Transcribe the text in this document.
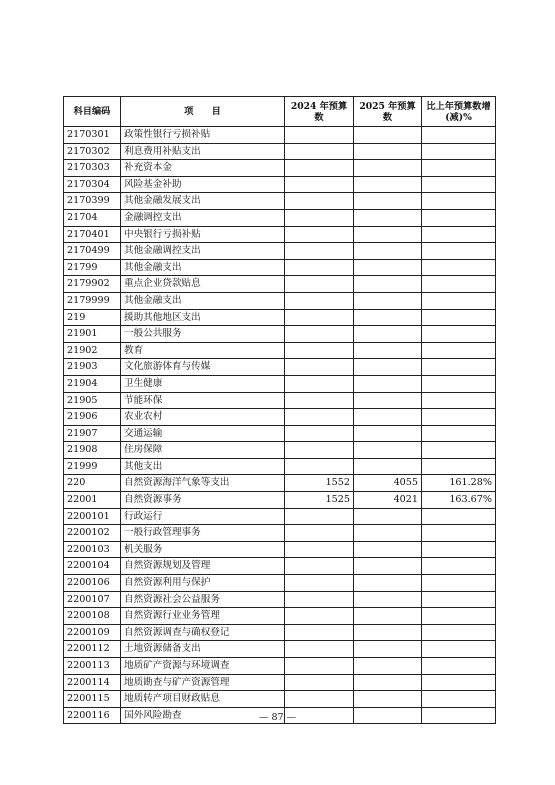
科目编码	项　　目	2024 年预算数	2025 年预算数	比上年预算数增 (减)%
2170301	政策性银行亏损补贴			
2170302	利息费用补贴支出			
2170303	补充资本金			
2170304	风险基金补助			
2170399	其他金融发展支出			
21704	金融调控支出			
2170401	中央银行亏损补贴			
2170499	其他金融调控支出			
21799	其他金融支出			
2179902	重点企业贷款贴息			
2179999	其他金融支出			
219	援助其他地区支出			
21901	一般公共服务			
21902	教育			
21903	文化旅游体育与传媒			
21904	卫生健康			
21905	节能环保			
21906	农业农村			
21907	交通运输			
21908	住房保障			
21999	其他支出			
220	自然资源海洋气象等支出	1552	4055	161.28%
22001	自然资源事务	1525	4021	163.67%
2200101	行政运行			
2200102	一般行政管理事务			
2200103	机关服务			
2200104	自然资源规划及管理			
2200106	自然资源利用与保护			
2200107	自然资源社会公益服务			
2200108	自然资源行业业务管理			
2200109	自然资源调查与确权登记			
2200112	土地资源储备支出			
2200113	地质矿产资源与环境调查			
2200114	地质勘查与矿产资源管理			
2200115	地质转产项目财政贴息			
2200116	国外风险勘查				— 87 —
